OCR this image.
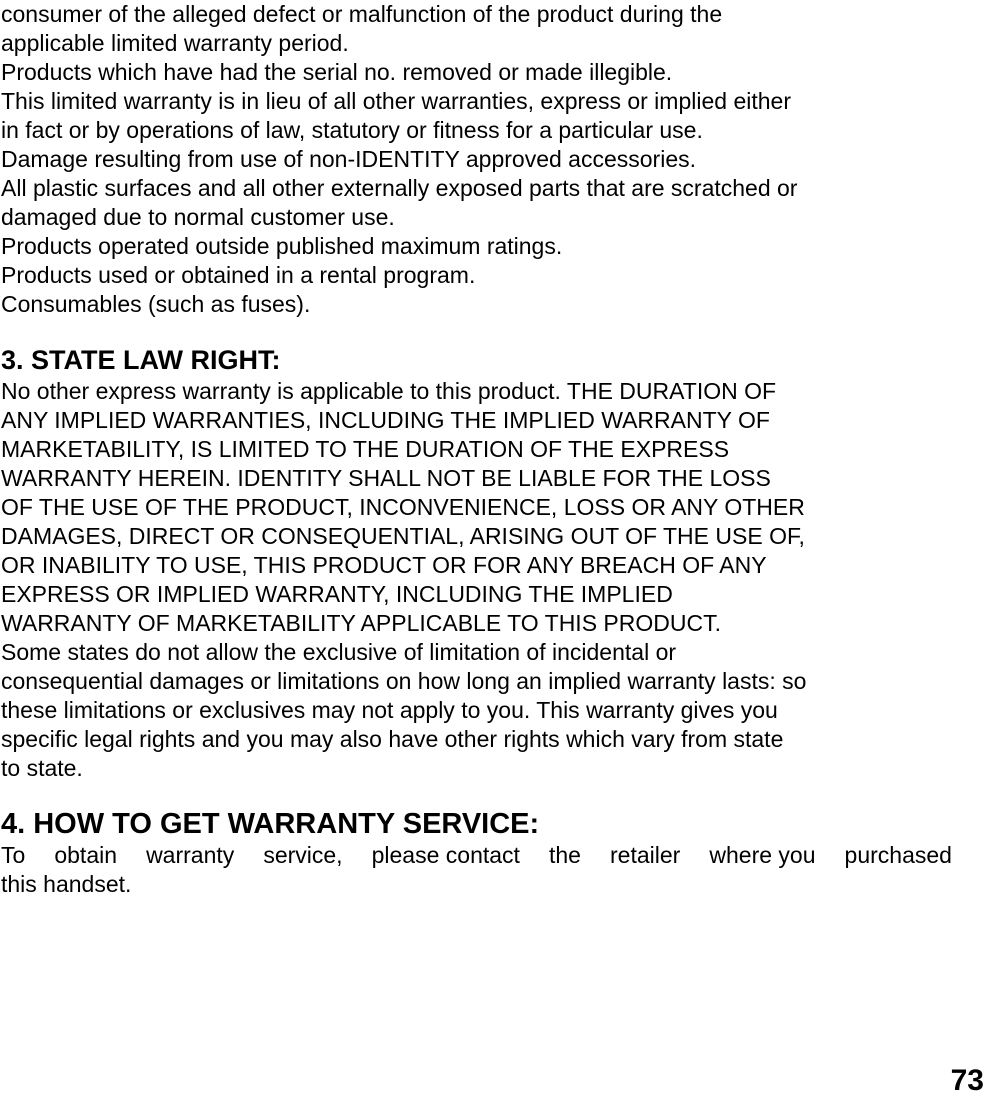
consumer of the alleged defect or malfunction of the product during the
applicable limited warranty period.
Products which have had the serial no. removed or made illegible.
This limited warranty is in lieu of all other warranties, express or implied either
in fact or by operations of law, statutory or fitness for a particular use.
Damage resulting from use of non-IDENTITY approved accessories.
All plastic surfaces and all other externally exposed parts that are scratched or
damaged due to normal customer use.
Products operated outside published maximum ratings.
Products used or obtained in a rental program.
Consumables (such as fuses).
3. STATE LAW RIGHT:
No other express warranty is applicable to this product. THE DURATION OF
ANY IMPLIED WARRANTIES, INCLUDING THE IMPLIED WARRANTY OF
MARKETABILITY, IS LIMITED TO THE DURATION OF THE EXPRESS
WARRANTY HEREIN. IDENTITY SHALL NOT BE LIABLE FOR THE LOSS
OF THE USE OF THE PRODUCT, INCONVENIENCE, LOSS OR ANY OTHER
DAMAGES, DIRECT OR CONSEQUENTIAL, ARISING OUT OF THE USE OF,
OR INABILITY TO USE, THIS PRODUCT OR FOR ANY BREACH OF ANY
EXPRESS OR IMPLIED WARRANTY, INCLUDING THE IMPLIED
WARRANTY OF MARKETABILITY APPLICABLE TO THIS PRODUCT.
Some states do not allow the exclusive of limitation of incidental or
consequential damages or limitations on how long an implied warranty lasts: so
these limitations or exclusives may not apply to you. This warranty gives you
specific legal rights and you may also have other rights which vary from state
to state.
4. HOW TO GET WARRANTY SERVICE:
To obtain warranty service, please contact the retailer where you purchased
this handset.
73
